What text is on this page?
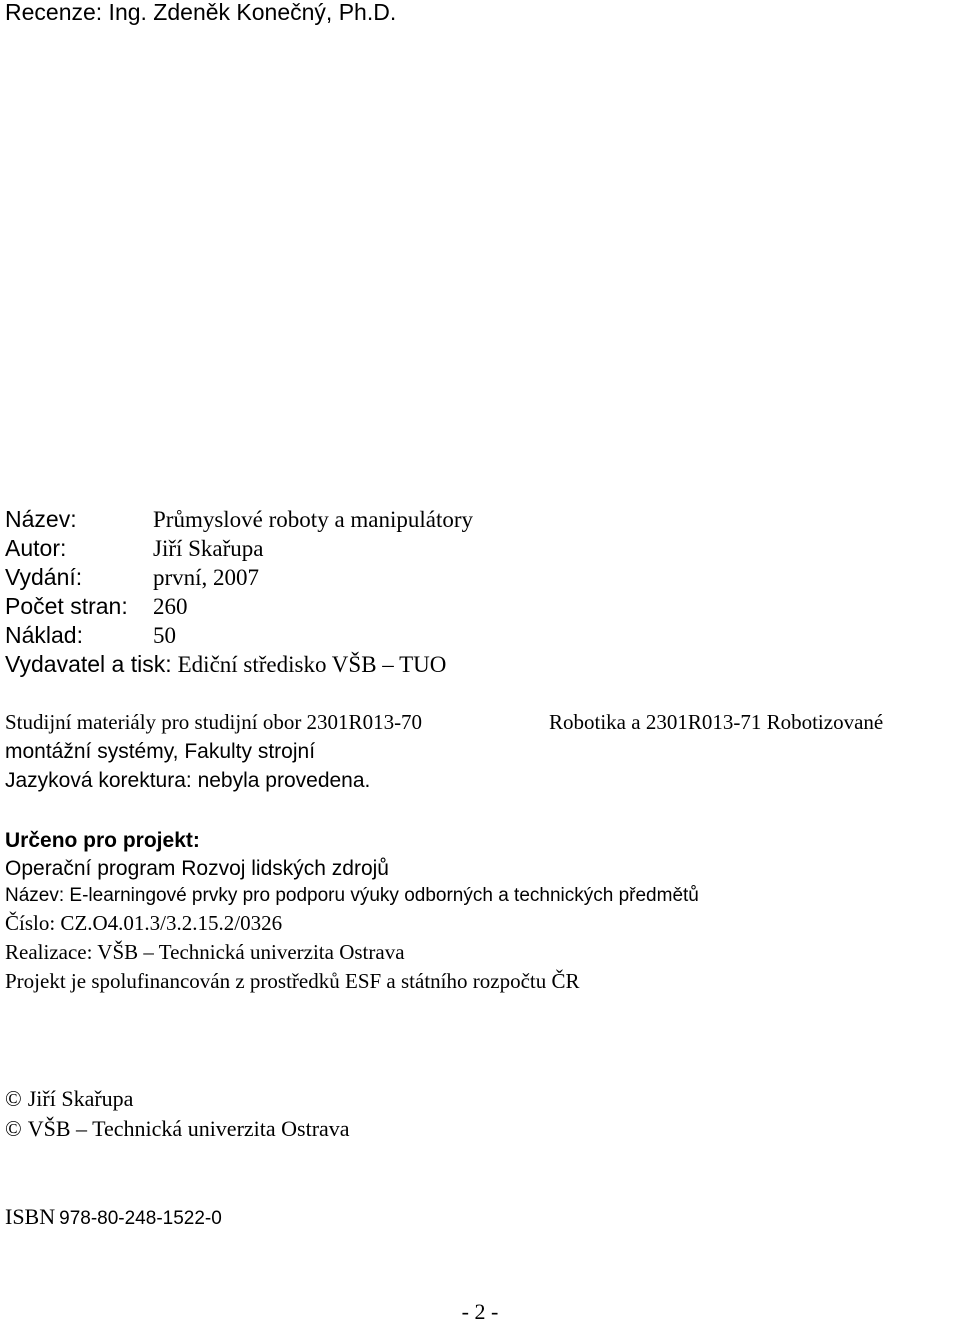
Recenze: Ing. Zdeněk Konečný, Ph.D.
Název:	Průmyslové roboty a manipulátory
Autor:	Jiří Skařupa
Vydání:	první, 2007
Počet stran: 260
Náklad:	50
Vydavatel a tisk: Ediční středisko VŠB – TUO
Studijní materiály pro studijní obor 2301R013-70	Robotika a 2301R013-71 Robotizované
montážní systémy, Fakulty strojní
Jazyková korektura: nebyla provedena.
Určeno pro projekt:
Operační program Rozvoj lidských zdrojů
Název: E-learningové prvky pro podporu výuky odborných a technických předmětů
Číslo: CZ.O4.01.3/3.2.15.2/0326
Realizace: VŠB – Technická univerzita Ostrava
Projekt je spolufinancován z prostředků ESF a státního rozpočtu ČR
© Jiří Skařupa
© VŠB – Technická univerzita Ostrava
ISBN 978-80-248-1522-0
- 2 -
